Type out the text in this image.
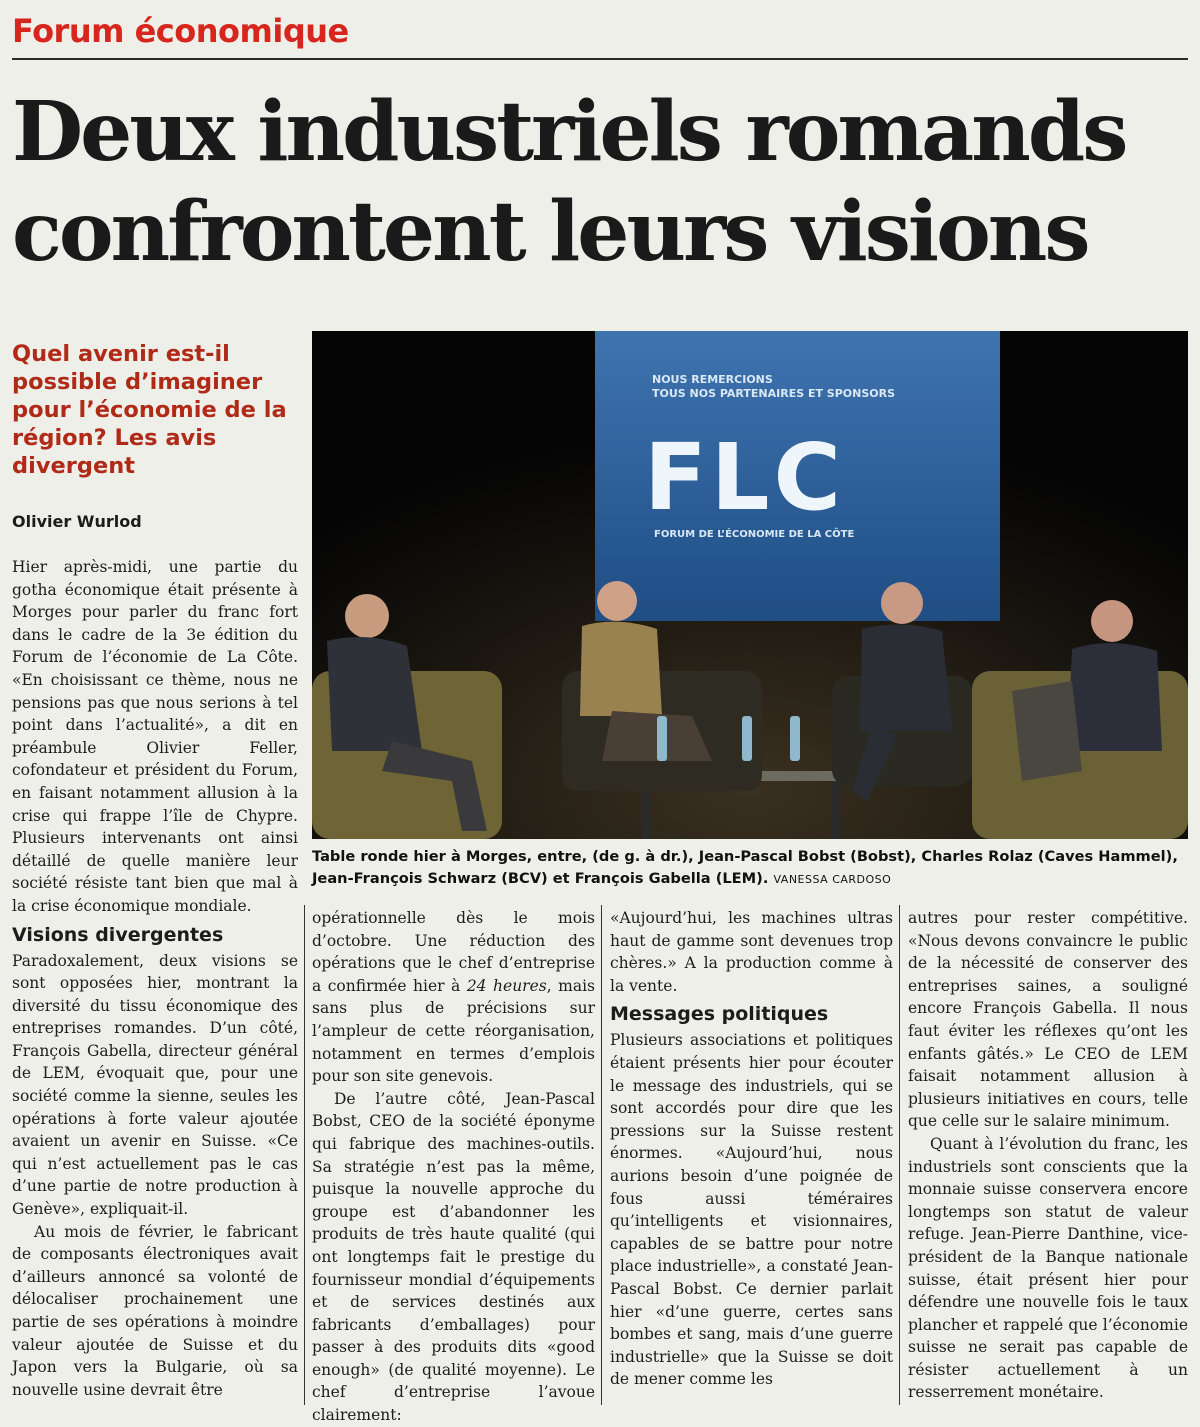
Forum économique
Deux industriels romands confrontent leurs visions
Quel avenir est-il possible d’imaginer pour l’économie de la région? Les avis divergent
Olivier Wurlod

Hier après-midi, une partie du gotha économique était présente à Morges pour parler du franc fort dans le cadre de la 3e édition du Forum de l’économie de La Côte. «En choisissant ce thème, nous ne pensions pas que nous serions à tel point dans l’actualité», a dit en préambule Olivier Feller, cofondateur et président du Forum, en faisant notamment allusion à la crise qui frappe l’île de Chypre. Plusieurs intervenants ont ainsi détaillé de quelle manière leur société résiste tant bien que mal à la crise économique mondiale.

Visions divergentes

Paradoxalement, deux visions se sont opposées hier, montrant la diversité du tissu économique des entreprises romandes. D’un côté, François Gabella, directeur général de LEM, évoquait que, pour une société comme la sienne, seules les opérations à forte valeur ajoutée avaient un avenir en Suisse. «Ce qui n’est actuellement pas le cas d’une partie de notre production à Genève», expliquait-il.

Au mois de février, le fabricant de composants électroniques avait d’ailleurs annoncé sa volonté de délocaliser prochainement une partie de ses opérations à moindre valeur ajoutée de Suisse et du Japon vers la Bulgarie, où sa nouvelle usine devrait être

NOUS REMERCIONS
TOUS NOS PARTENAIRES ET SPONSORS
FLC
FORUM DE L’ÉCONOMIE DE LA CÔTE

Table ronde hier à Morges, entre, (de g. à dr.), Jean-Pascal Bobst (Bobst), Charles Rolaz (Caves Hammel), Jean-François Schwarz (BCV) et François Gabella (LEM). VANESSA CARDOSO

opérationnelle dès le mois d’octobre. Une réduction des opérations que le chef d’entreprise a confirmée hier à 24 heures, mais sans plus de précisions sur l’ampleur de cette réorganisation, notamment en termes d’emplois pour son site genevois.

De l’autre côté, Jean-Pascal Bobst, CEO de la société éponyme qui fabrique des machines-outils. Sa stratégie n’est pas la même, puisque la nouvelle approche du groupe est d’abandonner les produits de très haute qualité (qui ont longtemps fait le prestige du fournisseur mondial d’équipements et de services destinés aux fabricants d’emballages) pour passer à des produits dits «good enough» (de qualité moyenne). Le chef d’entreprise l’avoue clairement:

«Aujourd’hui, les machines ultras haut de gamme sont devenues trop chères.» A la production comme à la vente.

Messages politiques

Plusieurs associations et politiques étaient présents hier pour écouter le message des industriels, qui se sont accordés pour dire que les pressions sur la Suisse restent énormes. «Aujourd’hui, nous aurions besoin d’une poignée de fous aussi téméraires qu’intelligents et visionnaires, capables de se battre pour notre place industrielle», a constaté Jean-Pascal Bobst. Ce dernier parlait hier «d’une guerre, certes sans bombes et sang, mais d’une guerre industrielle» que la Suisse se doit de mener comme les

autres pour rester compétitive. «Nous devons convaincre le public de la nécessité de conserver des entreprises saines, a souligné encore François Gabella. Il nous faut éviter les réflexes qu’ont les enfants gâtés.» Le CEO de LEM faisait notamment allusion à plusieurs initiatives en cours, telle que celle sur le salaire minimum.

Quant à l’évolution du franc, les industriels sont conscients que la monnaie suisse conservera encore longtemps son statut de valeur refuge. Jean-Pierre Danthine, vice-président de la Banque nationale suisse, était présent hier pour défendre une nouvelle fois le taux plancher et rappelé que l’économie suisse ne serait pas capable de résister actuellement à un resserrement monétaire.
